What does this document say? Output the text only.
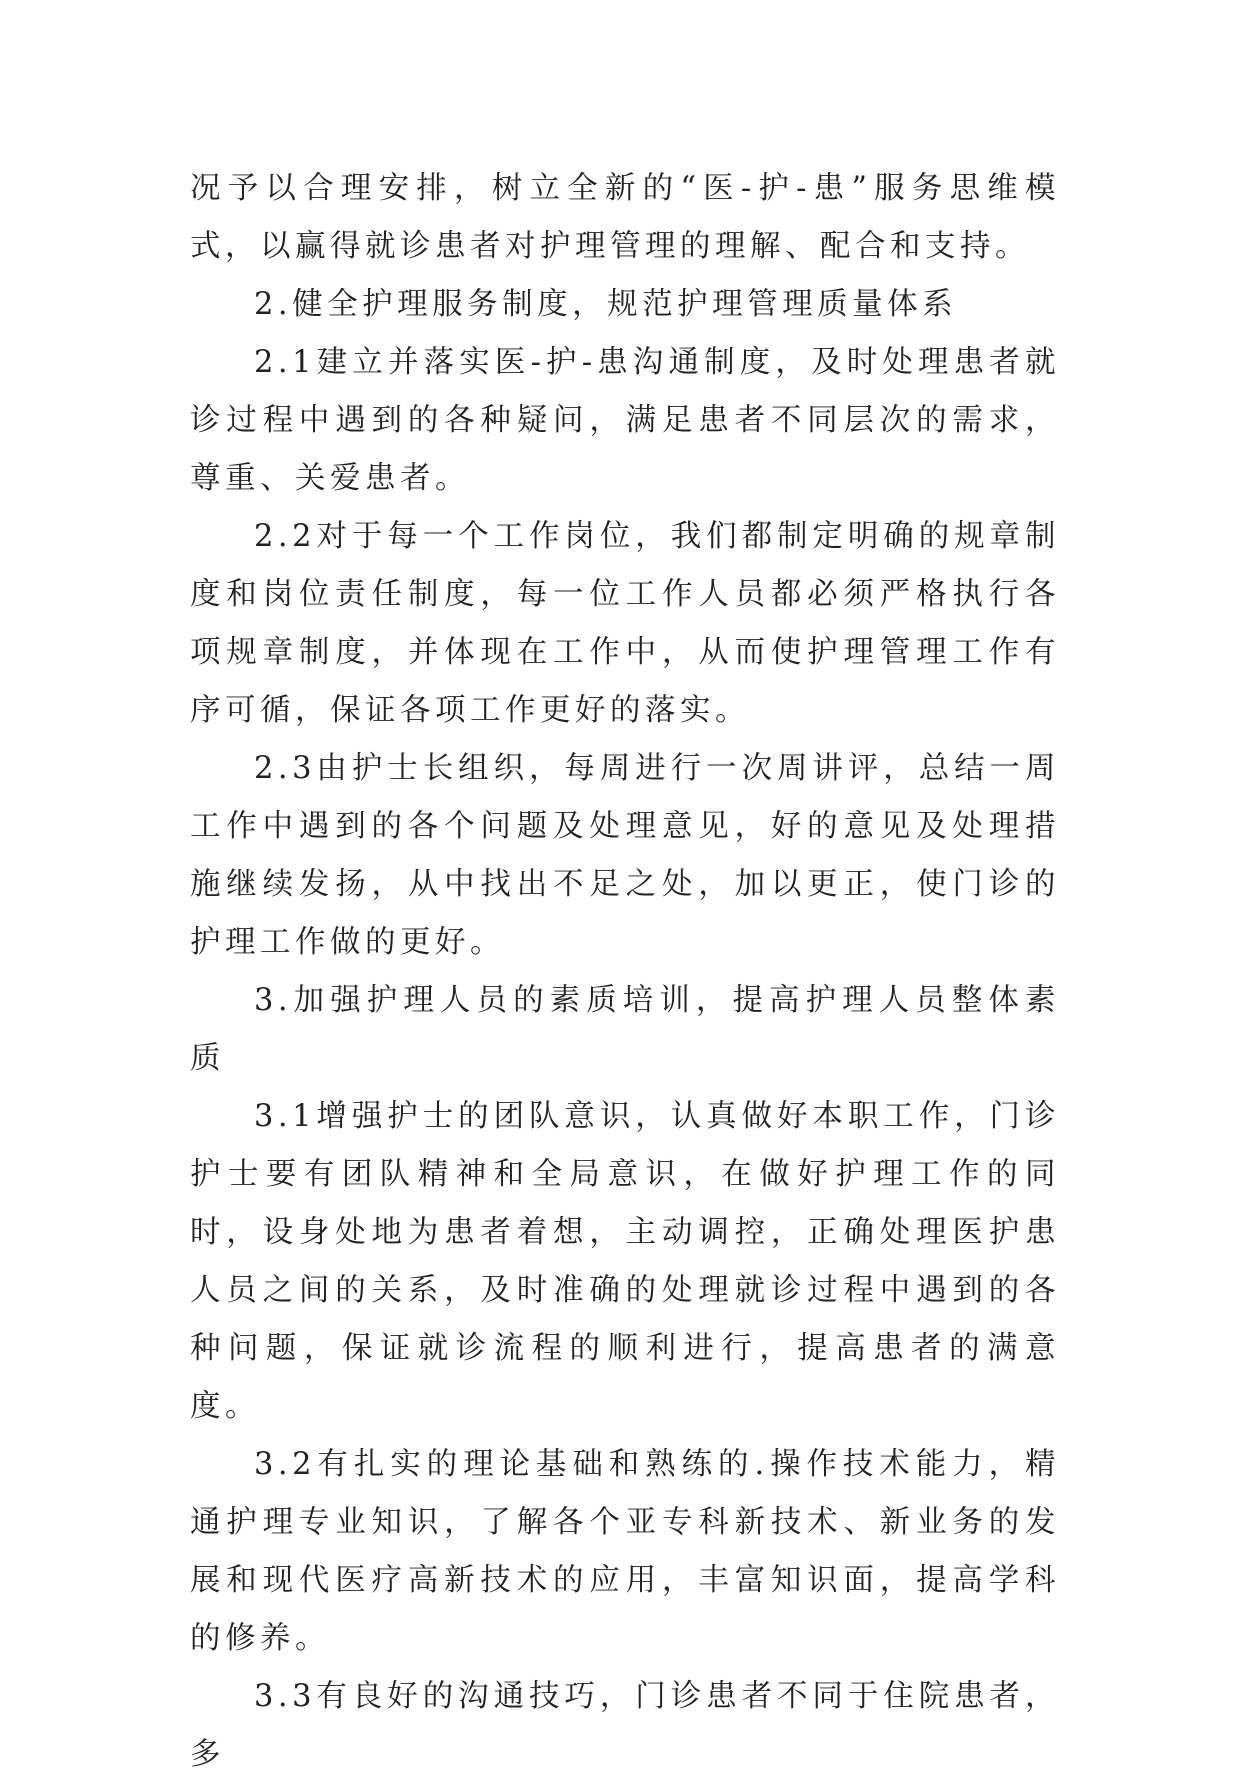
况予以合理安排，树立全新的“医-护-患”服务思维模式，以赢得就诊患者对护理管理的理解、配合和支持。

2.健全护理服务制度，规范护理管理质量体系

2.1建立并落实医-护-患沟通制度，及时处理患者就诊过程中遇到的各种疑问，满足患者不同层次的需求，尊重、关爱患者。

2.2对于每一个工作岗位，我们都制定明确的规章制度和岗位责任制度，每一位工作人员都必须严格执行各项规章制度，并体现在工作中，从而使护理管理工作有序可循，保证各项工作更好的落实。

2.3由护士长组织，每周进行一次周讲评，总结一周工作中遇到的各个问题及处理意见，好的意见及处理措施继续发扬，从中找出不足之处，加以更正，使门诊的护理工作做的更好。

3.加强护理人员的素质培训，提高护理人员整体素质

3.1增强护士的团队意识，认真做好本职工作，门诊护士要有团队精神和全局意识，在做好护理工作的同时，设身处地为患者着想，主动调控，正确处理医护患人员之间的关系，及时准确的处理就诊过程中遇到的各种问题，保证就诊流程的顺利进行，提高患者的满意度。

3.2有扎实的理论基础和熟练的.操作技术能力，精通护理专业知识，了解各个亚专科新技术、新业务的发展和现代医疗高新技术的应用，丰富知识面，提高学科的修养。

3.3有良好的沟通技巧，门诊患者不同于住院患者，多
